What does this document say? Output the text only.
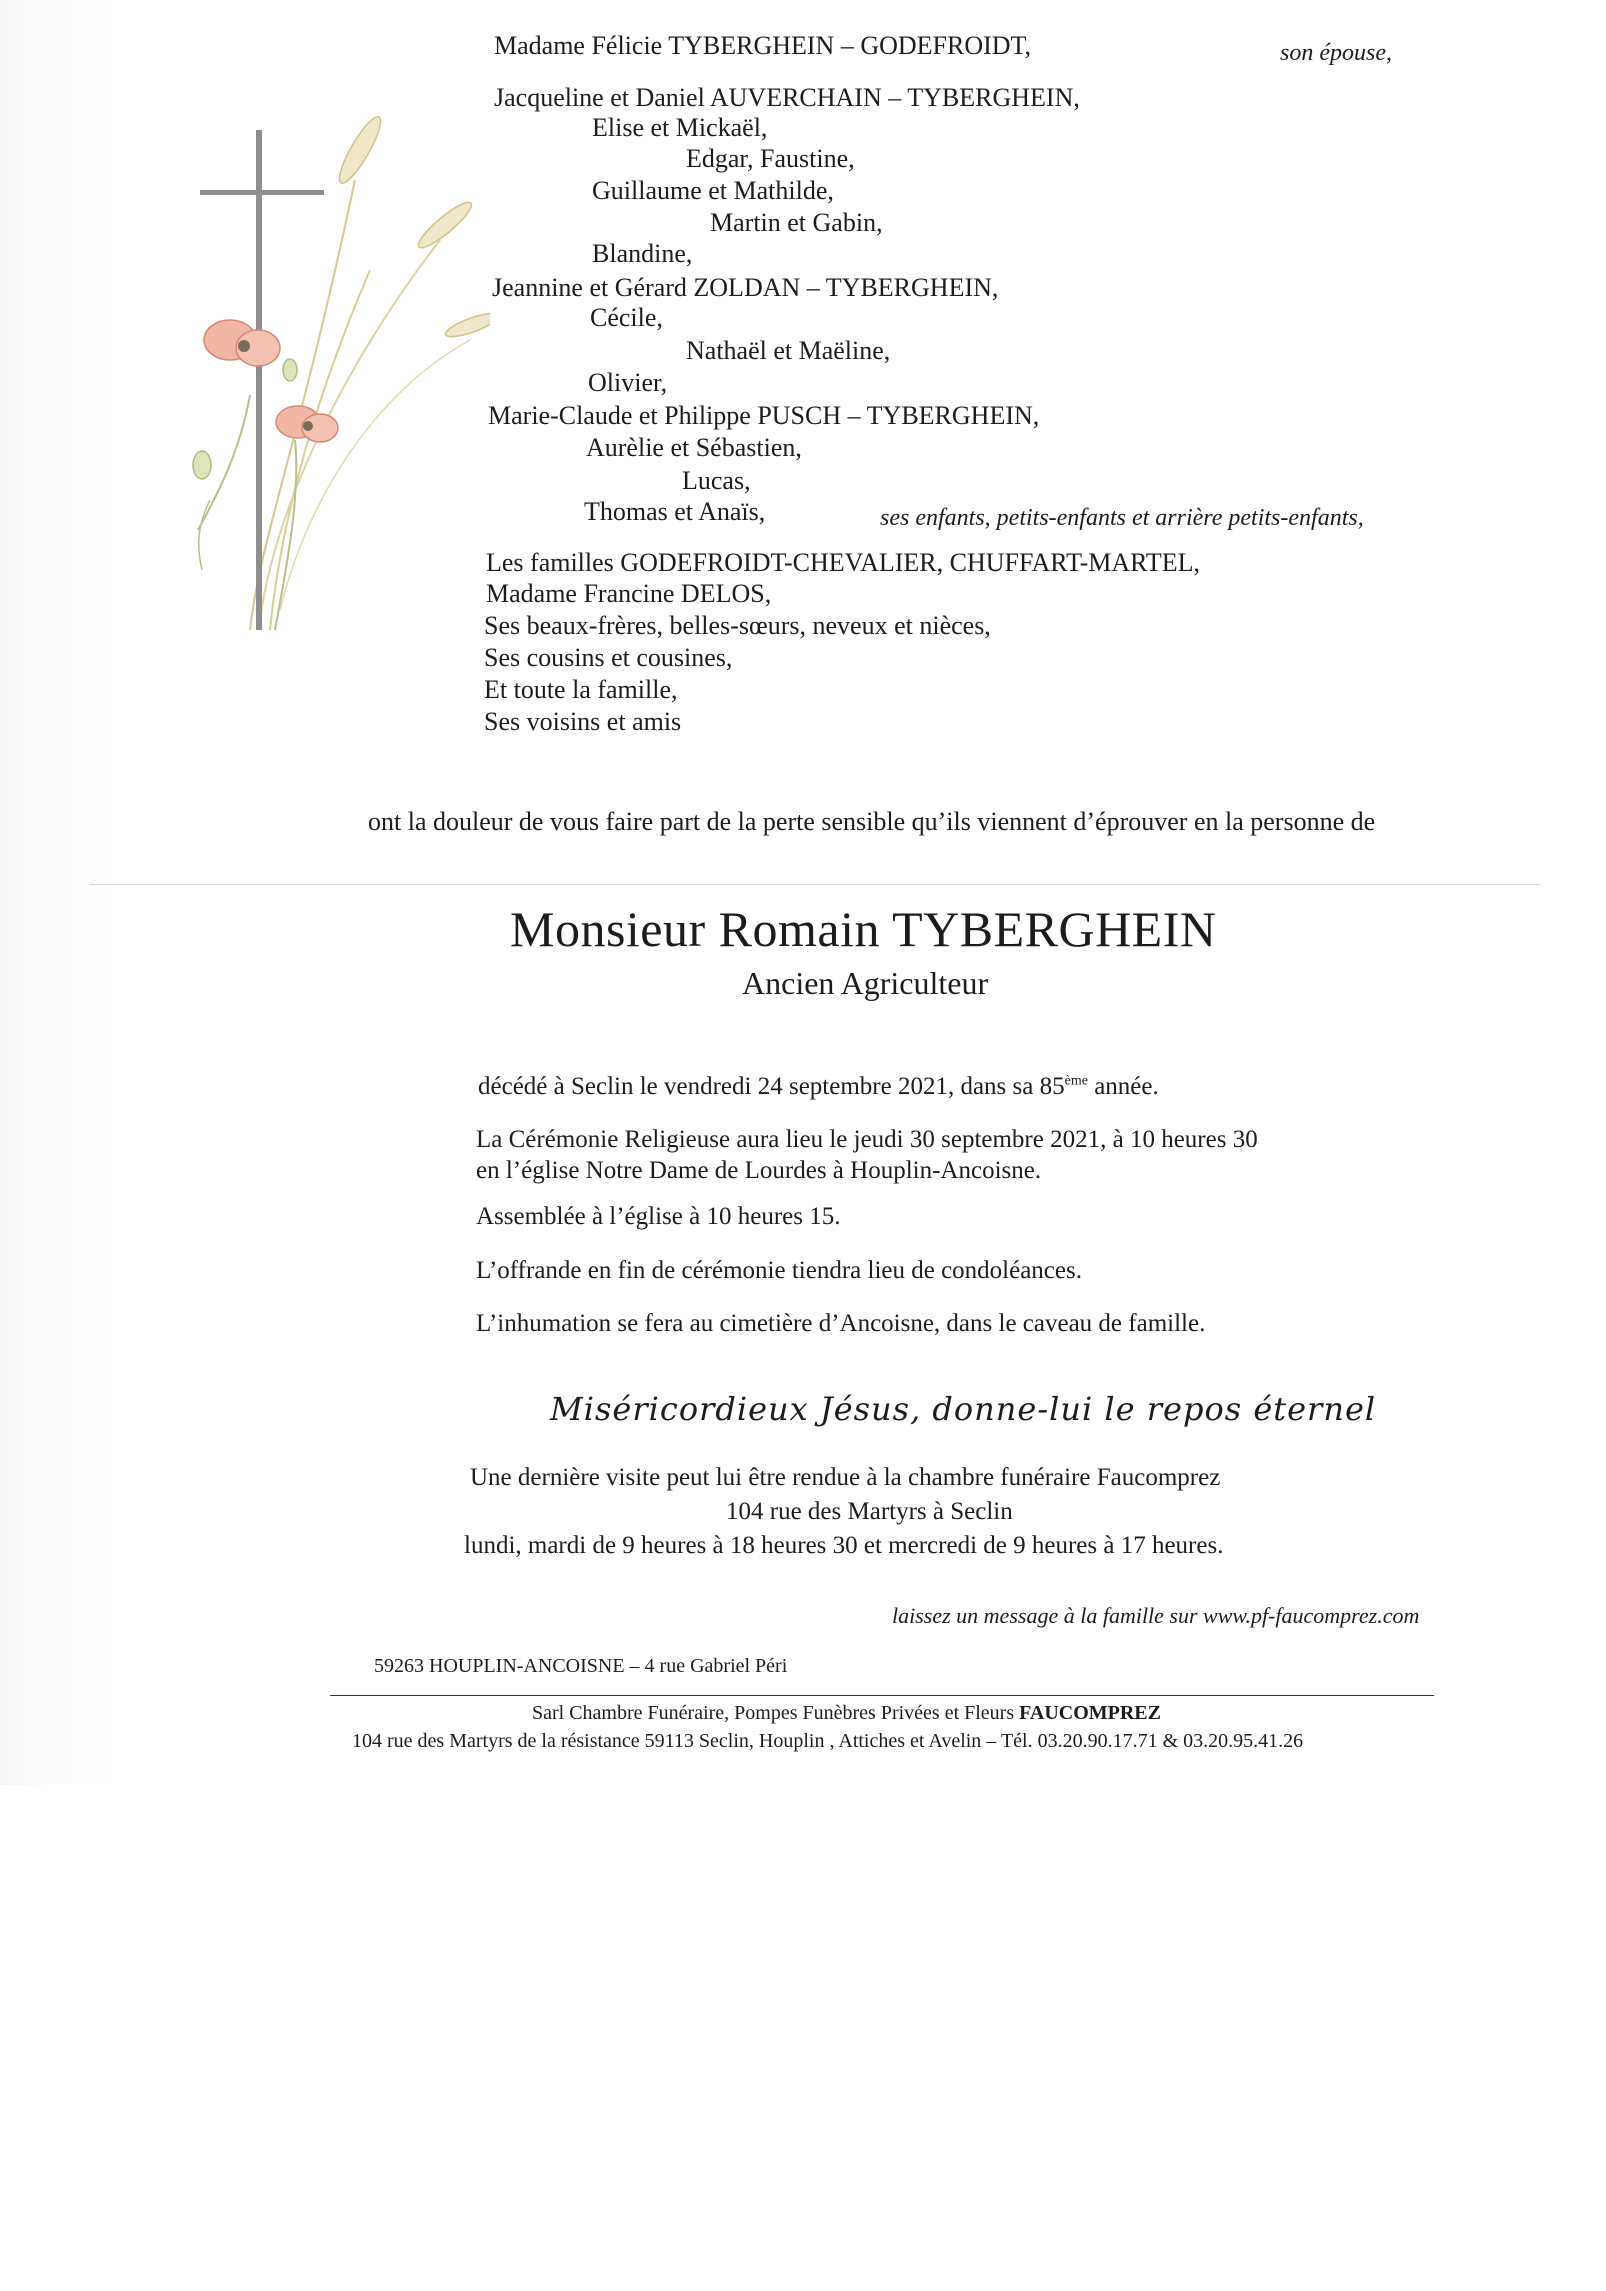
Madame Félicie TYBERGHEIN – GODEFROIDT,	son épouse,
Jacqueline et Daniel AUVERCHAIN – TYBERGHEIN,
Elise et Mickaël,
Edgar, Faustine,
Guillaume et Mathilde,
Martin et Gabin,
Blandine,
Jeannine et Gérard ZOLDAN – TYBERGHEIN,
Cécile,
Nathaël et Maëline,
Olivier,
Marie-Claude et Philippe PUSCH – TYBERGHEIN,
Aurèlie et Sébastien,
Lucas,
Thomas et Anaïs,	ses enfants, petits-enfants et arrière petits-enfants,
Les familles GODEFROIDT-CHEVALIER, CHUFFART-MARTEL,
Madame Francine DELOS,
Ses beaux-frères, belles-sœurs, neveux et nièces,
Ses cousins et cousines,
Et toute la famille,
Ses voisins et amis
ont la douleur de vous faire part de la perte sensible qu’ils viennent d’éprouver en la personne de
Monsieur Romain TYBERGHEIN
Ancien Agriculteur
décédé à Seclin le vendredi 24 septembre 2021, dans sa 85ème année.
La Cérémonie Religieuse aura lieu le jeudi 30 septembre 2021, à 10 heures 30
en l’église Notre Dame de Lourdes à Houplin-Ancoisne.
Assemblée à l’église à 10 heures 15.
L’offrande en fin de cérémonie tiendra lieu de condoléances.
L’inhumation se fera au cimetière d’Ancoisne, dans le caveau de famille.
Miséricordieux Jésus, donne-lui le repos éternel
Une dernière visite peut lui être rendue à la chambre funéraire Faucomprez
104 rue des Martyrs à Seclin
lundi, mardi de 9 heures à 18 heures 30 et mercredi de 9 heures à 17 heures.
laissez un message à la famille sur www.pf-faucomprez.com
59263 HOUPLIN-ANCOISNE – 4 rue Gabriel Péri
Sarl Chambre Funéraire, Pompes Funèbres Privées et Fleurs FAUCOMPREZ
104 rue des Martyrs de la résistance 59113 Seclin, Houplin , Attiches et Avelin – Tél. 03.20.90.17.71 & 03.20.95.41.26
